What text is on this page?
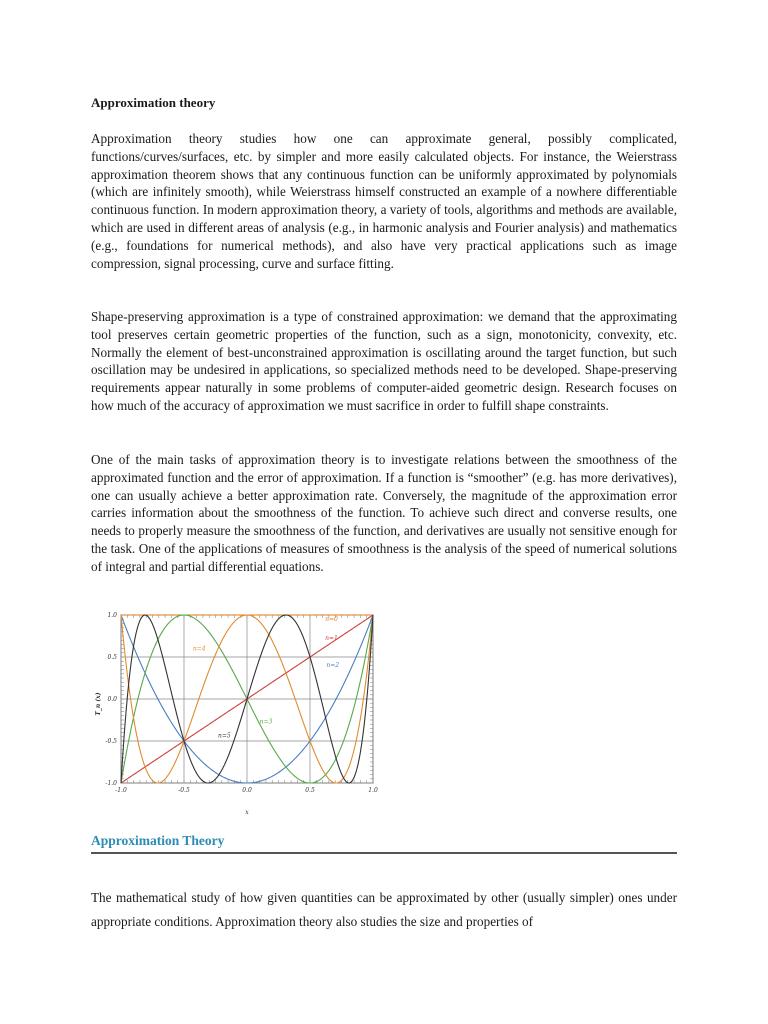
Approximation theory

Approximation theory studies how one can approximate general, possibly complicated, functions/curves/surfaces, etc. by simpler and more easily calculated objects. For instance, the Weierstrass approximation theorem shows that any continuous function can be uniformly approximated by polynomials (which are infinitely smooth), while Weierstrass himself constructed an example of a nowhere differentiable continuous function. In modern approximation theory, a variety of tools, algorithms and methods are available, which are used in different areas of analysis (e.g., in harmonic analysis and Fourier analysis) and mathematics (e.g., foundations for numerical methods), and also have very practical applications such as image compression, signal processing, curve and surface fitting.

Shape-preserving approximation is a type of constrained approximation: we demand that the approximating tool preserves certain geometric properties of the function, such as a sign, monotonicity, convexity, etc. Normally the element of best-unconstrained approximation is oscillating around the target function, but such oscillation may be undesired in applications, so specialized methods need to be developed. Shape-preserving requirements appear naturally in some problems of computer-aided geometric design. Research focuses on how much of the accuracy of approximation we must sacrifice in order to fulfill shape constraints.

One of the main tasks of approximation theory is to investigate relations between the smoothness of the approximated function and the error of approximation. If a function is “smoother” (e.g. has more derivatives), one can usually achieve a better approximation rate. Conversely, the magnitude of the approximation error carries information about the smoothness of the function. To achieve such direct and converse results, one needs to properly measure the smoothness of the function, and derivatives are usually not sensitive enough for the task. One of the applications of measures of smoothness is the analysis of the speed of numerical solutions of integral and partial differential equations.

-1.0	-0.5	0.0	0.5	1.0
1.0
0.5
0.0
-0.5
-1.0
n=0
n=1
n=2
n=3
n=4
n=5
T_n (x)
x
Approximation Theory

The mathematical study of how given quantities can be approximated by other (usually simpler) ones under appropriate conditions. Approximation theory also studies the size and properties of
